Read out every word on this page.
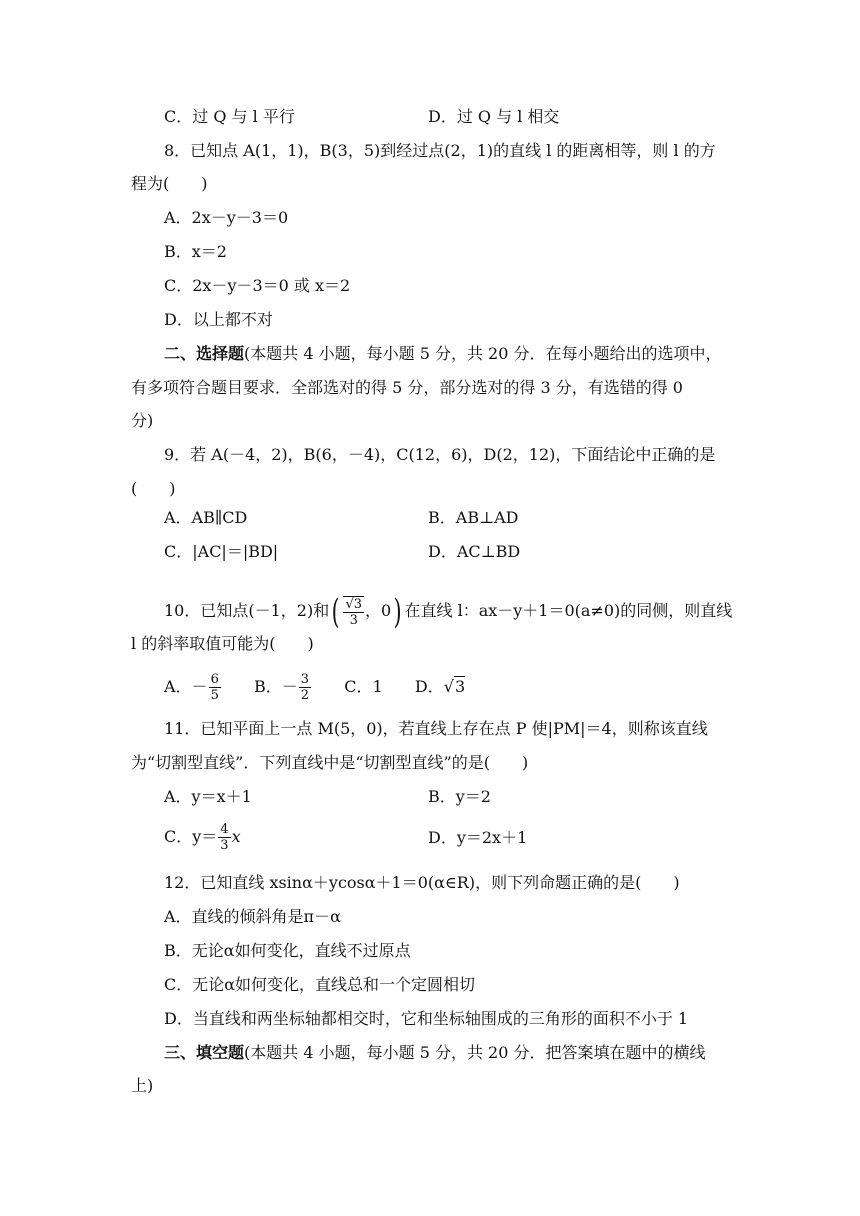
C．过 Q 与 l 平行	D．过 Q 与 l 相交
8．已知点 A(1，1)，B(3，5)到经过点(2，1)的直线 l 的距离相等，则 l 的方
程为(　　)
A．2x－y－3＝0
B．x＝2
C．2x－y－3＝0 或 x＝2
D．以上都不对
二、选择题(本题共 4 小题，每小题 5 分，共 20 分．在每小题给出的选项中，
有多项符合题目要求．全部选对的得 5 分，部分选对的得 3 分，有选错的得 0
分)
9．若 A(－4，2)，B(6，－4)，C(12，6)，D(2，12)，下面结论中正确的是
(　　)
A．AB∥CD	B．AB⊥AD
C．|AC|＝|BD|	D．AC⊥BD
10．已知点(－1，2)和( $\frac{√3}{3}$ ，0) 在直线 l：ax－y＋1＝0(a≠0)的同侧，则直线
l 的斜率取值可能为(　　)
A．－ $\frac{6}{5}$ B．－ $\frac{3}{2}$ C．1 D．√3
11．已知平面上一点 M(5，0)，若直线上存在点 P 使|PM|＝4，则称该直线
为“切割型直线”．下列直线中是“切割型直线”的是(　　)
A．y＝x＋1	B．y＝2
C．$y= \frac{4}{3}$ x	D．y＝2x＋1
12．已知直线 xsinα＋ycosα＋1＝0(α∈R)，则下列命题正确的是(　　)
A．直线的倾斜角是π－α
B．无论α如何变化，直线不过原点
C．无论α如何变化，直线总和一个定圆相切
D．当直线和两坐标轴都相交时，它和坐标轴围成的三角形的面积不小于 1
三、填空题(本题共 4 小题，每小题 5 分，共 20 分．把答案填在题中的横线
上)
